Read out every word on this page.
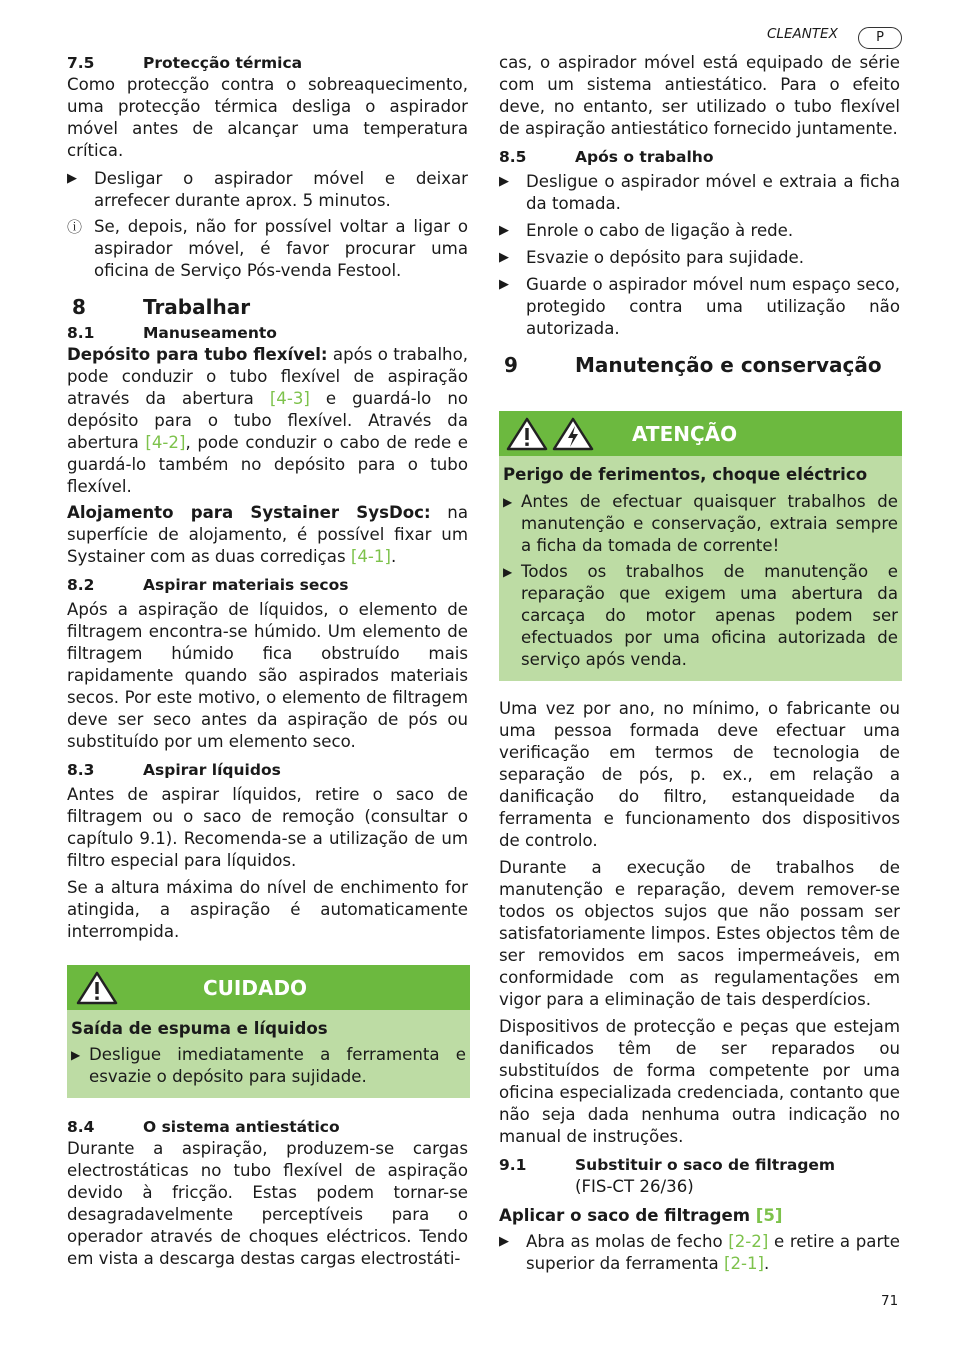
CLEANTEX	P
7.5	Protecção térmica

Como protecção contra o sobreaquecimento, uma protecção térmica desliga o aspirador móvel antes de alcançar uma temperatura crítica.

▶	Desligar o aspirador móvel e deixar arrefecer durante aprox. 5 minutos.
ⓘ Se, depois, não for possível voltar a ligar o aspirador móvel, é favor procurar uma oficina de Serviço Pós-venda Festool.
8	Trabalhar
8.1	Manuseamento

Depósito para tubo flexível: após o trabalho, pode conduzir o tubo flexível de aspiração através da abertura [4-3] e guardá-lo no depósito para o tubo flexível. Através da abertura [4-2], pode conduzir o cabo de rede e guardá-lo também no depósito para o tubo flexível.

Alojamento para Systainer SysDoc: na superfície de alojamento, é possível fixar um Systainer com as duas corrediças [4-1].

8.2	Aspirar materiais secos

Após a aspiração de líquidos, o elemento de filtragem encontra-se húmido. Um elemento de filtragem húmido fica obstruído mais rapidamente quando são aspirados materiais secos. Por este motivo, o elemento de filtragem deve ser seco antes da aspiração de pós ou substituído por um elemento seco.

8.3	Aspirar líquidos

Antes de aspirar líquidos, retire o saco de filtragem ou o saco de remoção (consultar o capítulo 9.1). Recomenda-se a utilização de um filtro especial para líquidos.

Se a altura máxima do nível de enchimento for atingida, a aspiração é automaticamente interrompida.

CUIDADO
Saída de espuma e líquidos
▶ Desligue imediatamente a ferramenta e esvazie o depósito para sujidade.
8.4	O sistema antiestático

Durante a aspiração, produzem-se cargas electrostáticas no tubo flexível de aspiração devido à fricção. Estas podem tornar-se desagradavelmente perceptíveis para o operador através de choques eléctricos. Tendo em vista a descarga destas cargas electrostáti-

cas, o aspirador móvel está equipado de série com um sistema antiestático. Para o efeito deve, no entanto, ser utilizado o tubo flexível de aspiração antiestático fornecido juntamente.

8.5	Após o trabalho
▶	Desligue o aspirador móvel e extraia a ficha da tomada.
▶	Enrole o cabo de ligação à rede.
▶	Esvazie o depósito para sujidade.
▶	Guarde o aspirador móvel num espaço seco, protegido contra uma utilização não autorizada.
9	Manutenção e conservação
ATENÇÃO
Perigo de ferimentos, choque eléctrico
▶ Antes de efectuar quaisquer trabalhos de manutenção e conservação, extraia sempre a ficha da tomada de corrente!
▶ Todos os trabalhos de manutenção e reparação que exigem uma abertura da carcaça do motor apenas podem ser efectuados por uma oficina autorizada de serviço após venda.

Uma vez por ano, no mínimo, o fabricante ou uma pessoa formada deve efectuar uma verificação em termos de tecnologia de separação de pós, p. ex., em relação a danificação do filtro, estanqueidade da ferramenta e funcionamento dos dispositivos de controlo.

Durante a execução de trabalhos de manutenção e reparação, devem remover-se todos os objectos sujos que não possam ser satisfatoriamente limpos. Estes objectos têm de ser removidos em sacos impermeáveis, em conformidade com as regulamentações em vigor para a eliminação de tais desperdícios.

Dispositivos de protecção e peças que estejam danificados têm de ser reparados ou substituídos de forma competente por uma oficina especializada credenciada, contanto que não seja dada nenhuma outra indicação no manual de instruções.

9.1	Substituir o saco de filtragem
(FIS-CT 26/36)
Aplicar o saco de filtragem [5]
▶	Abra as molas de fecho [2-2] e retire a parte superior da ferramenta [2-1].
71
